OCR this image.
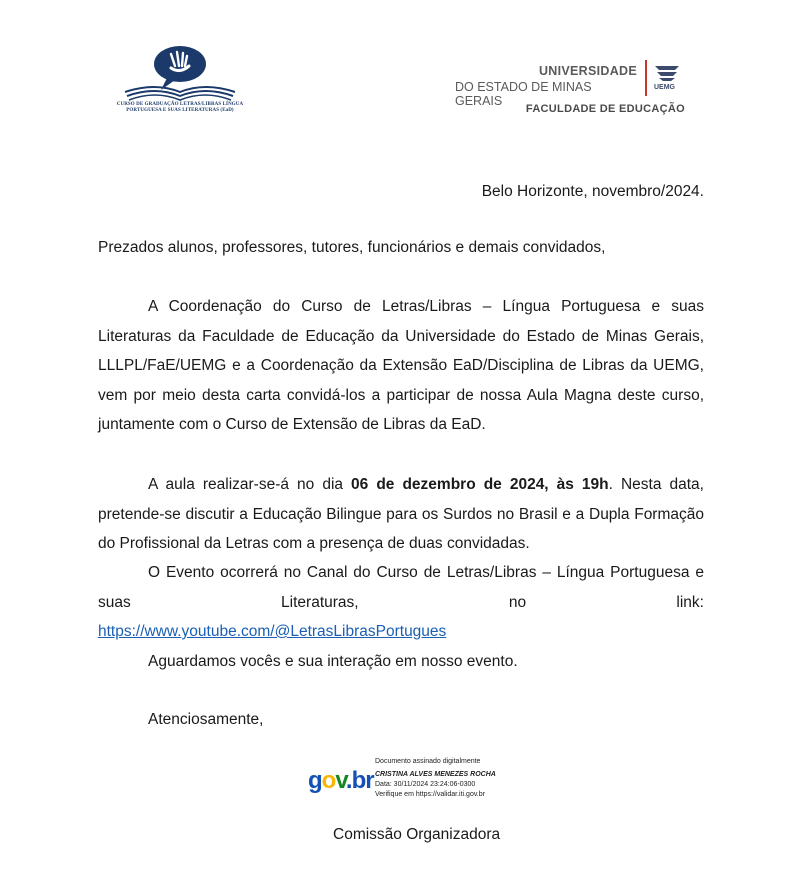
CURSO DE GRADUAÇÃO LETRAS/LIBRAS LÍNGUA
PORTUGUESA E SUAS LITERATURAS (EaD)
UNIVERSIDADE
DO ESTADO DE MINAS GERAIS
UEMG
FACULDADE DE EDUCAÇÃO
Belo Horizonte, novembro/2024.
Prezados alunos, professores, tutores, funcionários e demais convidados,
A Coordenação do Curso de Letras/Libras – Língua Portuguesa e suas Literaturas da Faculdade de Educação da Universidade do Estado de Minas Gerais, LLLPL/FaE/UEMG e a Coordenação da Extensão EaD/Disciplina de Libras da UEMG, vem por meio desta carta convidá-los a participar de nossa Aula Magna deste curso, juntamente com o Curso de Extensão de Libras da EaD.
A aula realizar-se-á no dia 06 de dezembro de 2024, às 19h. Nesta data, pretende-se discutir a Educação Bilingue para os Surdos no Brasil e a Dupla Formação do Profissional da Letras com a presença de duas convidadas.
O Evento ocorrerá no Canal do Curso de Letras/Libras – Língua Portuguesa e suas Literaturas, no link:
https://www.youtube.com/@LetrasLibrasPortugues
Aguardamos vocês e sua interação em nosso evento.
Atenciosamente,
gov.br
Documento assinado digitalmente
CRISTINA ALVES MENEZES ROCHA
Data: 30/11/2024 23:24:06-0300
Verifique em https://validar.iti.gov.br
Comissão Organizadora
